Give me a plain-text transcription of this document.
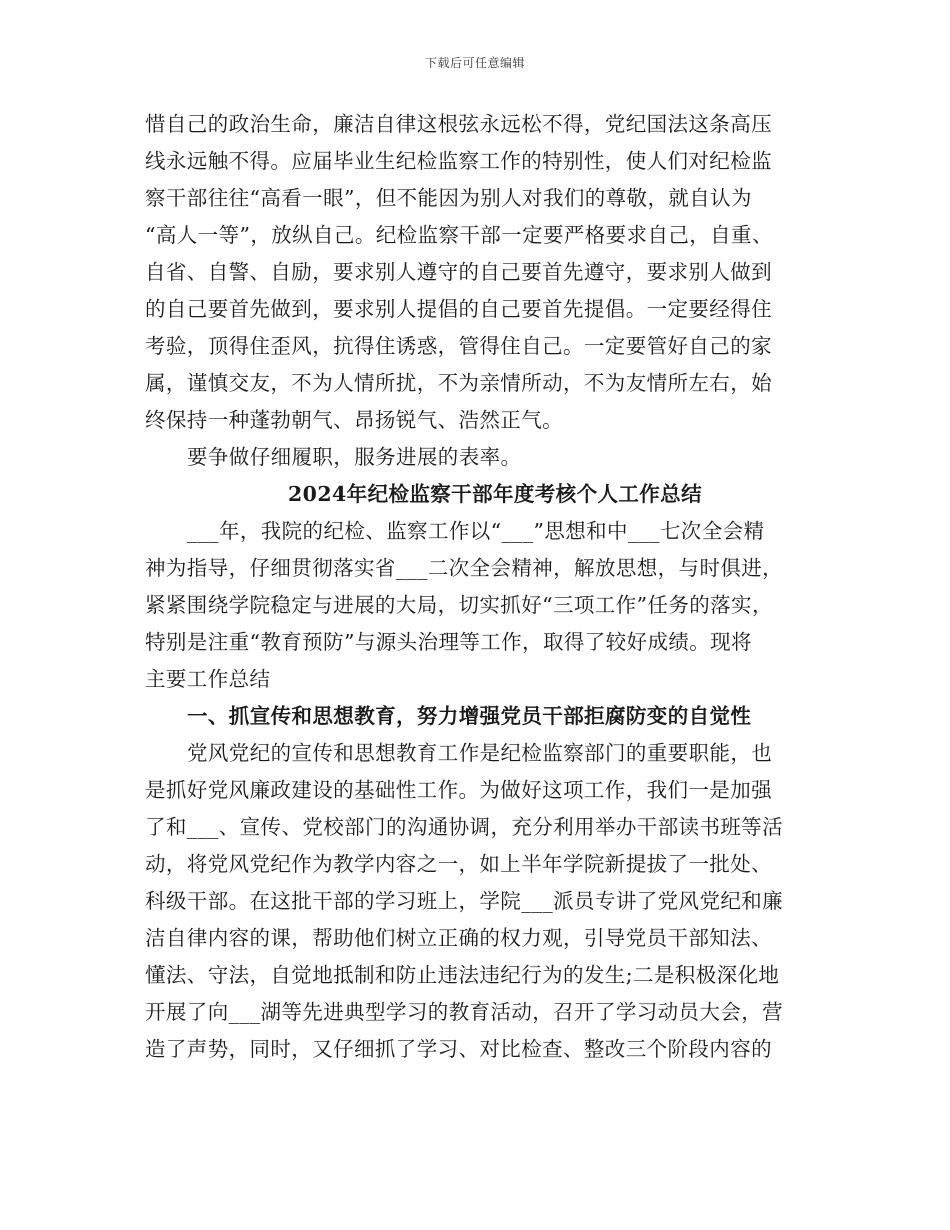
下载后可任意编辑
惜自己的政治生命，廉洁自律这根弦永远松不得，党纪国法这条高压
线永远触不得。应届毕业生纪检监察工作的特别性，使人们对纪检监
察干部往往“高看一眼”，但不能因为别人对我们的尊敬，就自认为
“高人一等”，放纵自己。纪检监察干部一定要严格要求自己，自重、
自省、自警、自励，要求别人遵守的自己要首先遵守，要求别人做到
的自己要首先做到，要求别人提倡的自己要首先提倡。一定要经得住
考验，顶得住歪风，抗得住诱惑，管得住自己。一定要管好自己的家
属，谨慎交友，不为人情所扰，不为亲情所动，不为友情所左右，始
终保持一种蓬勃朝气、昂扬锐气、浩然正气。
要争做仔细履职，服务进展的表率。
2024年纪检监察干部年度考核个人工作总结
___年，我院的纪检、监察工作以“___”思想和中___七次全会精
神为指导，仔细贯彻落实省___二次全会精神，解放思想，与时俱进，
紧紧围绕学院稳定与进展的大局，切实抓好“三项工作”任务的落实，
特别是注重“教育预防”与源头治理等工作，取得了较好成绩。现将
主要工作总结
一、抓宣传和思想教育，努力增强党员干部拒腐防变的自觉性
党风党纪的宣传和思想教育工作是纪检监察部门的重要职能，也
是抓好党风廉政建设的基础性工作。为做好这项工作，我们一是加强
了和___、宣传、党校部门的沟通协调，充分利用举办干部读书班等活
动，将党风党纪作为教学内容之一，如上半年学院新提拔了一批处、
科级干部。在这批干部的学习班上，学院___派员专讲了党风党纪和廉
洁自律内容的课，帮助他们树立正确的权力观，引导党员干部知法、
懂法、守法，自觉地抵制和防止违法违纪行为的发生;二是积极深化地
开展了向___湖等先进典型学习的教育活动，召开了学习动员大会，营
造了声势，同时，又仔细抓了学习、对比检查、整改三个阶段内容的
